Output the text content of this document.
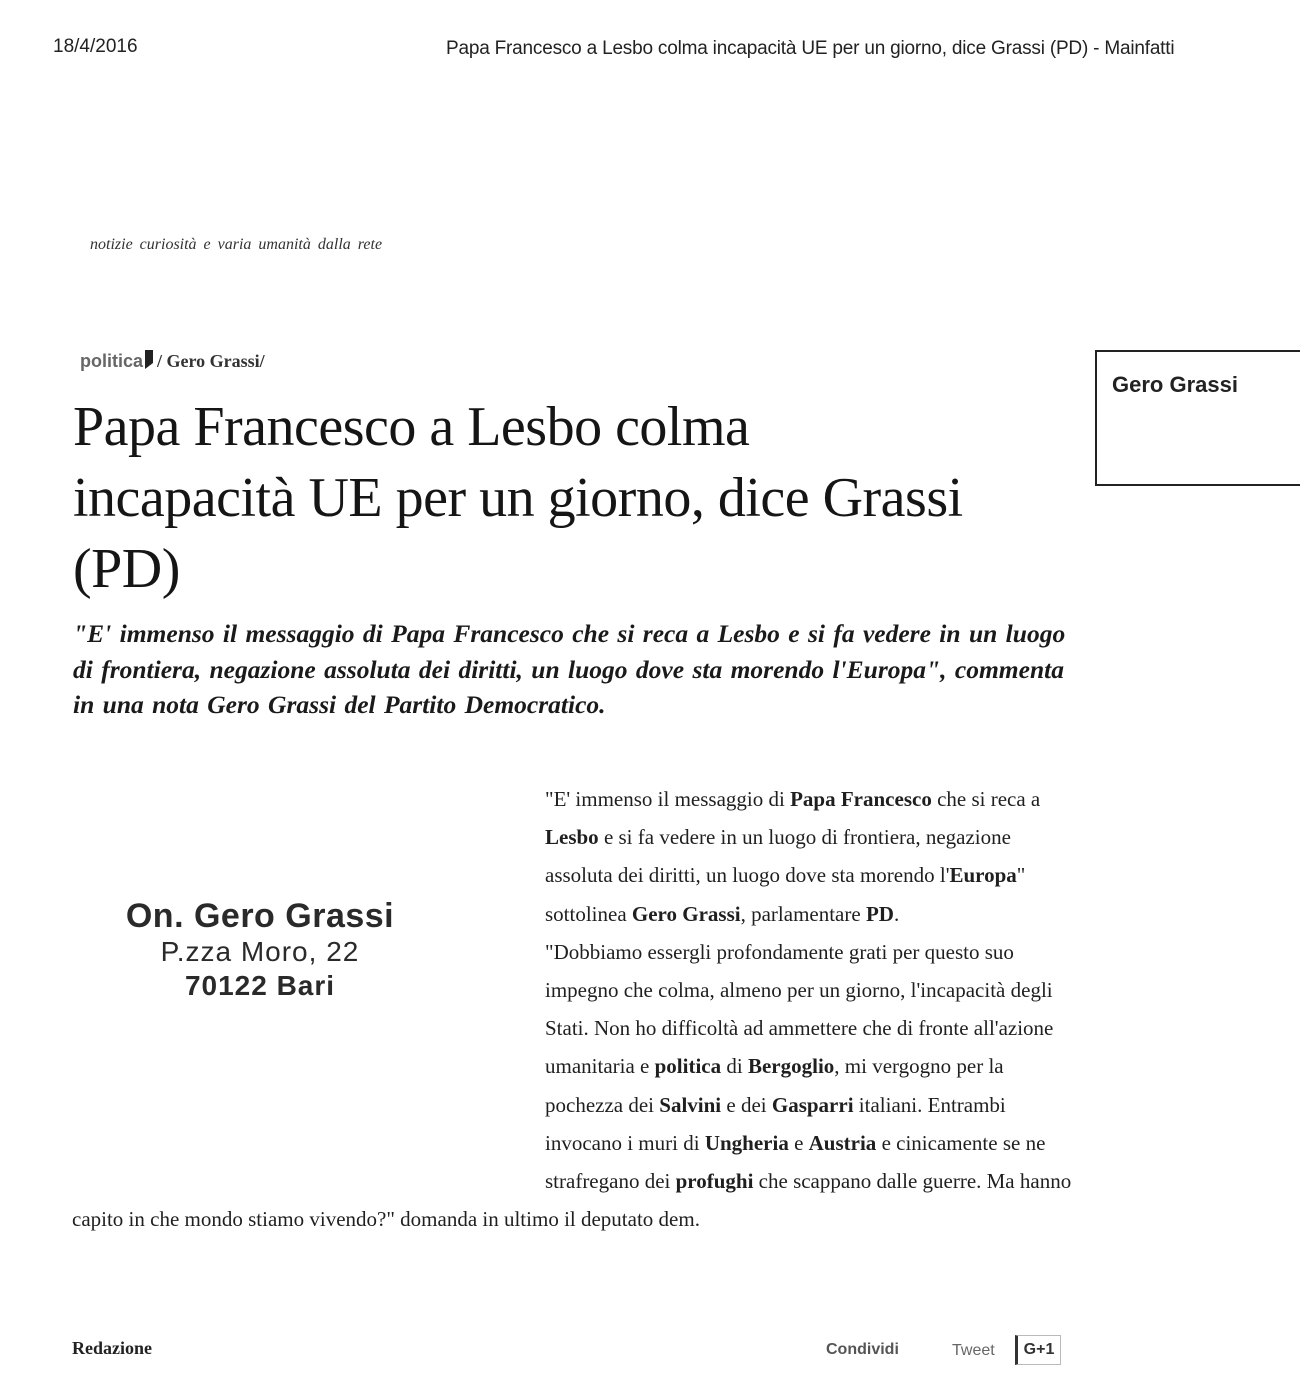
18/4/2016	Papa Francesco a Lesbo colma incapacità UE per un giorno, dice Grassi (PD) - Mainfatti
notizie curiosità e varia umanità dalla rete
politica / Gero Grassi/
Gero Grassi
Papa Francesco a Lesbo colma incapacità UE per un giorno, dice Grassi (PD)

"E' immenso il messaggio di Papa Francesco che si reca a Lesbo e si fa vedere in un luogo di frontiera, negazione assoluta dei diritti, un luogo dove sta morendo l'Europa", commenta in una nota Gero Grassi del Partito Democratico.

On. Gero Grassi
P.zza Moro, 22
70122 Bari
"E' immenso il messaggio di Papa Francesco che si reca a Lesbo e si fa vedere in un luogo di frontiera, negazione assoluta dei diritti, un luogo dove sta morendo l'Europa" sottolinea Gero Grassi, parlamentare PD.
"Dobbiamo essergli profondamente grati per questo suo impegno che colma, almeno per un giorno, l'incapacità degli Stati. Non ho difficoltà ad ammettere che di fronte all'azione umanitaria e politica di Bergoglio, mi vergogno per la pochezza dei Salvini e dei Gasparri italiani. Entrambi invocano i muri di Ungheria e Austria e cinicamente se ne strafregano dei profughi che scappano dalle guerre. Ma hanno capito in che mondo stiamo vivendo?" domanda in ultimo il deputato dem.
Redazione	Condividi	Tweet	G+1
